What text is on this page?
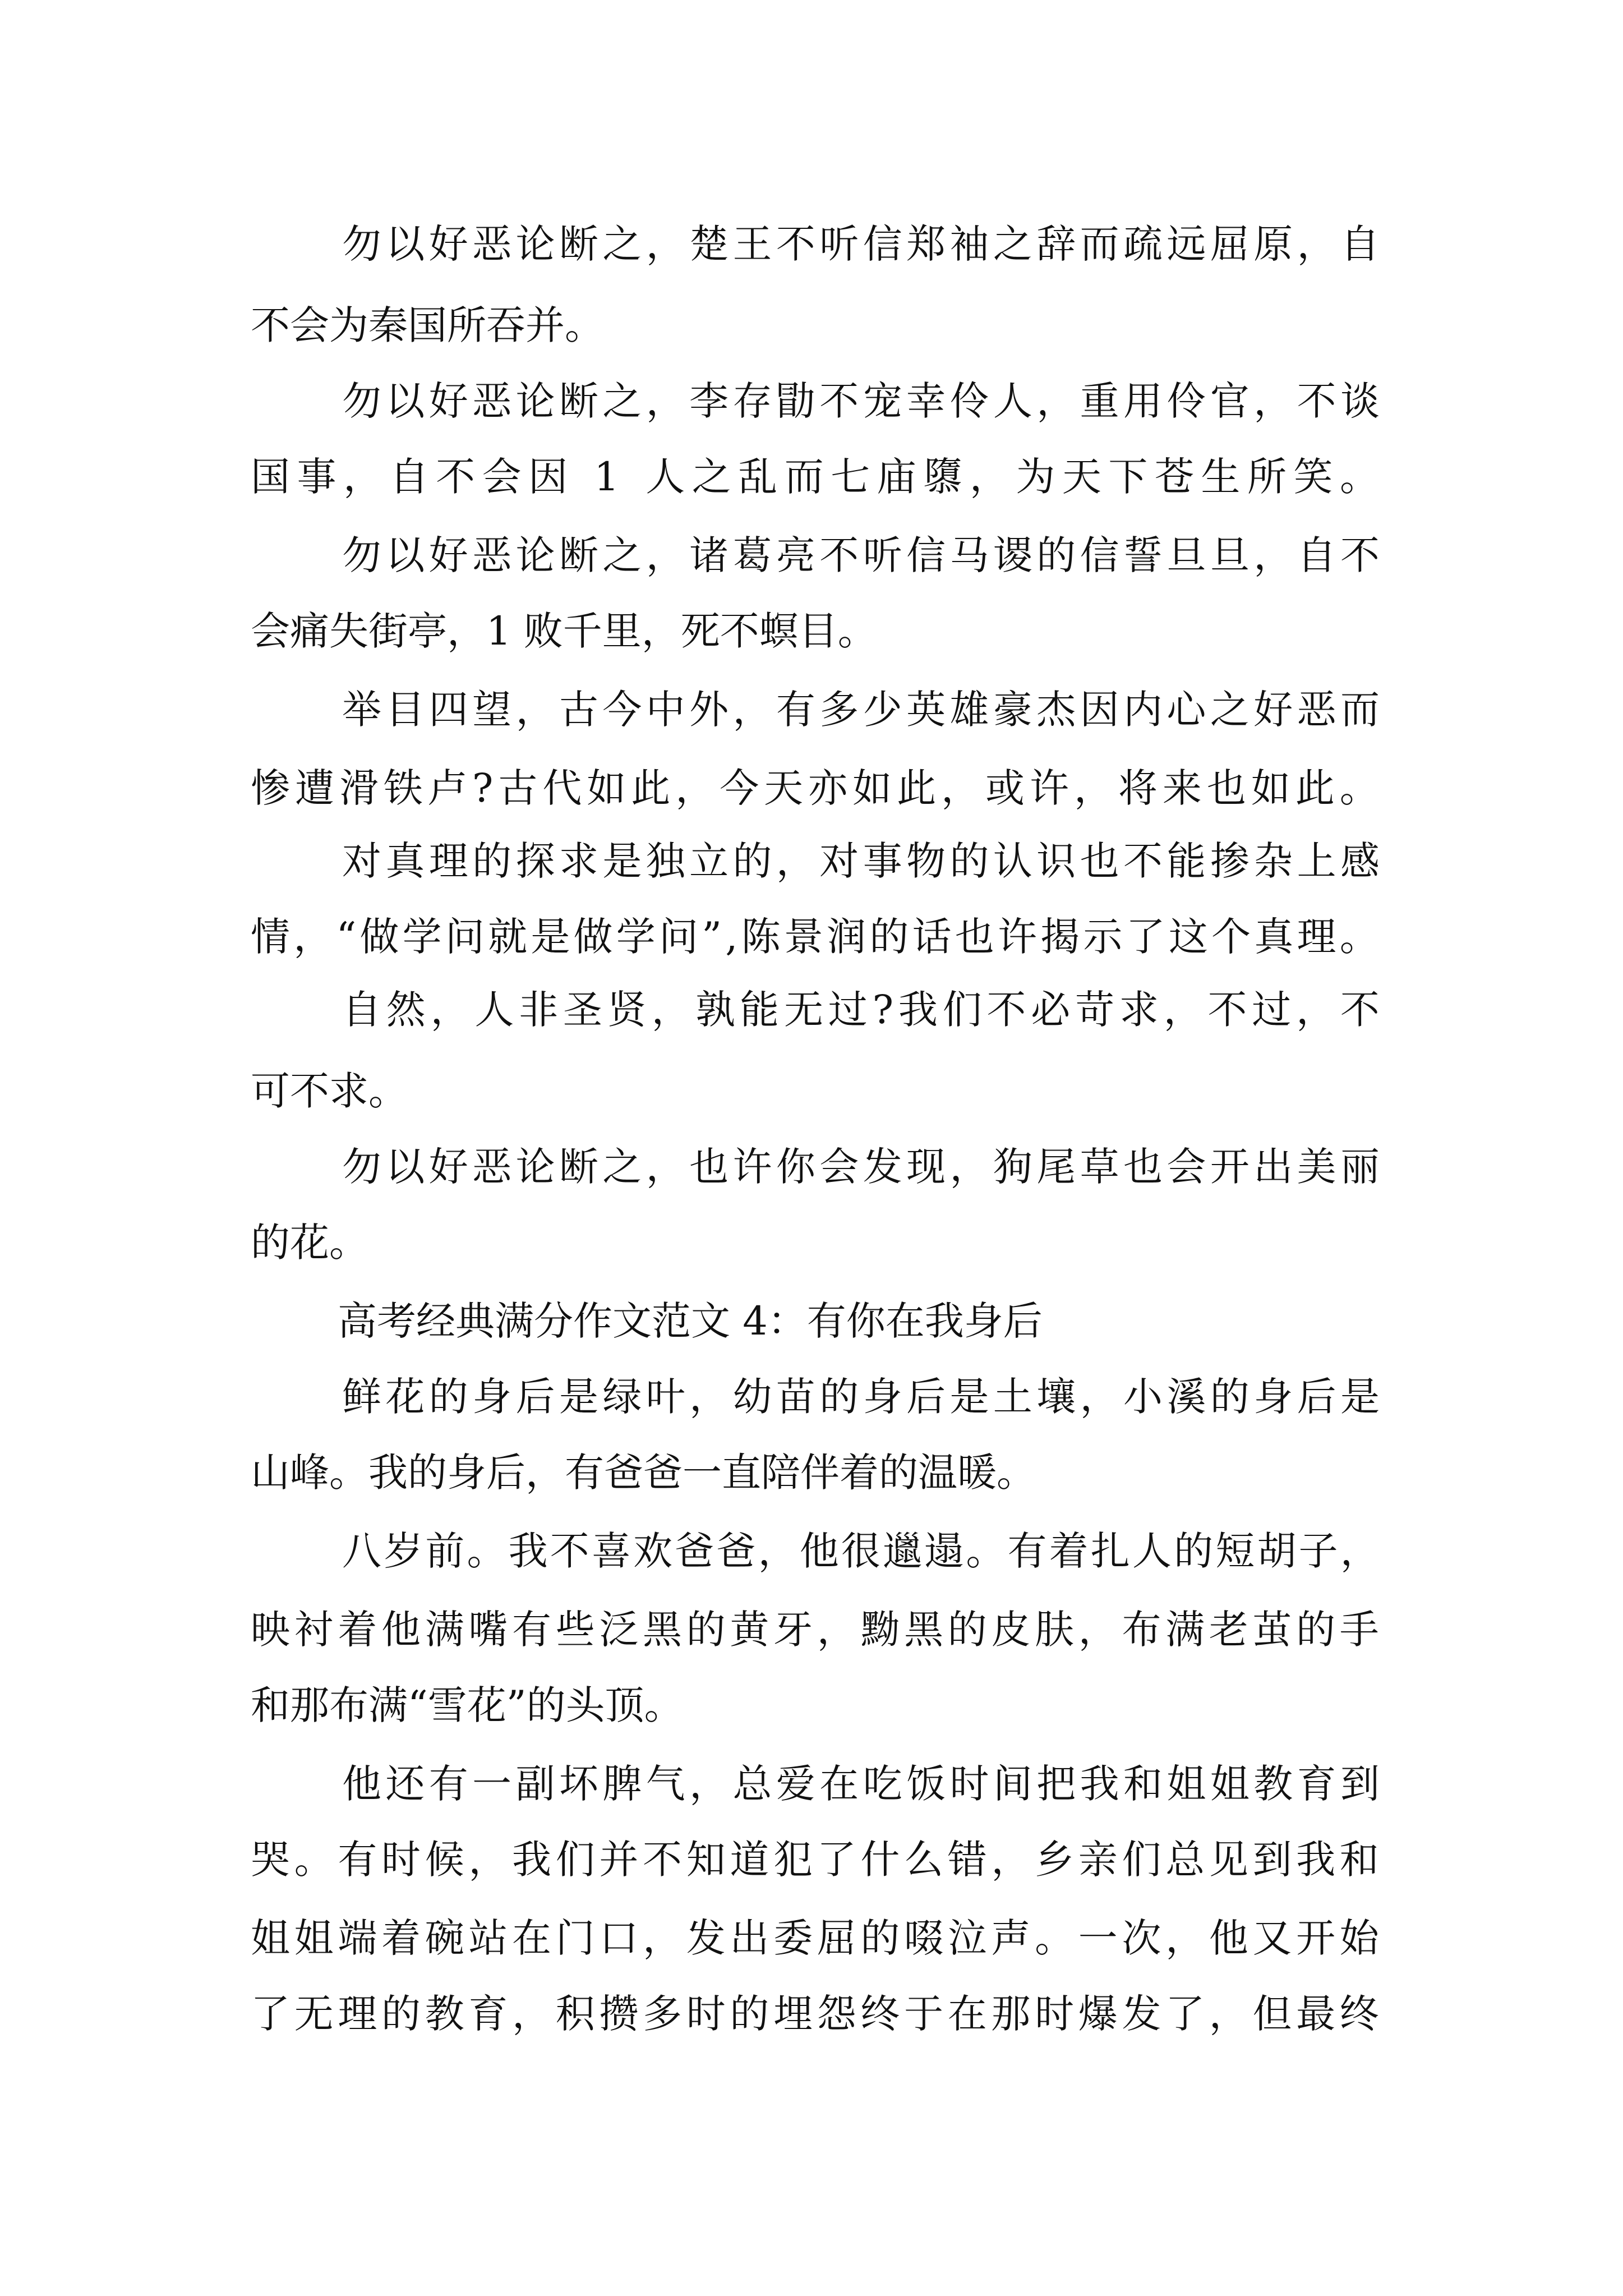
勿 以 好 恶 论 断 之 ， 楚 王 不 听 信 郑 袖 之 辞 而 疏 远 屈 原 ， 自
不会为秦国所吞并。
勿 以 好 恶 论 断 之 ， 李 存 勖 不 宠 幸 伶 人 ， 重 用 伶 官 ， 不 谈
国 事 ， 自 不 会 因
1
人 之 乱 而 七 庙 隳 ， 为 天 下 苍 生 所 笑 。
勿 以 好 恶 论 断 之 ， 诸 葛 亮 不 听 信 马 谡 的 信 誓 旦 旦 ， 自 不
会痛失街亭，1 败千里，死不螟目。
举 目 四 望 ， 古 今 中 外 ， 有 多 少 英 雄 豪 杰 因 内 心 之 好 恶 而
惨 遭 滑 铁 卢 ? 古 代 如 此 ， 今 天 亦 如 此 ， 或 许 ， 将 来 也 如 此 。
对 真 理 的 探 求 是 独 立 的 ， 对 事 物 的 认 识 也 不 能 掺 杂 上 感
情 ， “ 做 学 问 就 是 做 学 问 ” , 陈 景 润 的 话 也 许 揭 示 了 这 个 真 理 。
自 然 ， 人 非 圣 贤 ， 孰 能 无 过 ? 我 们 不 必 苛 求 ， 不 过 ， 不
可不求。
勿 以 好 恶 论 断 之 ， 也 许 你 会 发 现 ， 狗 尾 草 也 会 开 出 美 丽
的花。
高考经典满分作文范文 4：有你在我身后
鲜 花 的 身 后 是 绿 叶 ， 幼 苗 的 身 后 是 土 壤 ， 小 溪 的 身 后 是
山峰。我的身后，有爸爸一直陪伴着的温暖。
八 岁 前 。 我 不 喜 欢 爸 爸 ， 他 很 邋 遢 。 有 着 扎 人 的 短 胡 子 ，
映 衬 着 他 满 嘴 有 些 泛 黑 的 黄 牙 ， 黝 黑 的 皮 肤 ， 布 满 老 茧 的 手
和那布满“雪花”的头顶。
他 还 有 一 副 坏 脾 气 ， 总 爱 在 吃 饭 时 间 把 我 和 姐 姐 教 育 到
哭 。 有 时 候 ， 我 们 并 不 知 道 犯 了 什 么 错 ， 乡 亲 们 总 见 到 我 和
姐 姐 端 着 碗 站 在 门 口 ， 发 出 委 屈 的 啜 泣 声 。 一 次 ， 他 又 开 始
了 无 理 的 教 育 ， 积 攒 多 时 的 埋 怨 终 于 在 那 时 爆 发 了 ， 但 最 终
